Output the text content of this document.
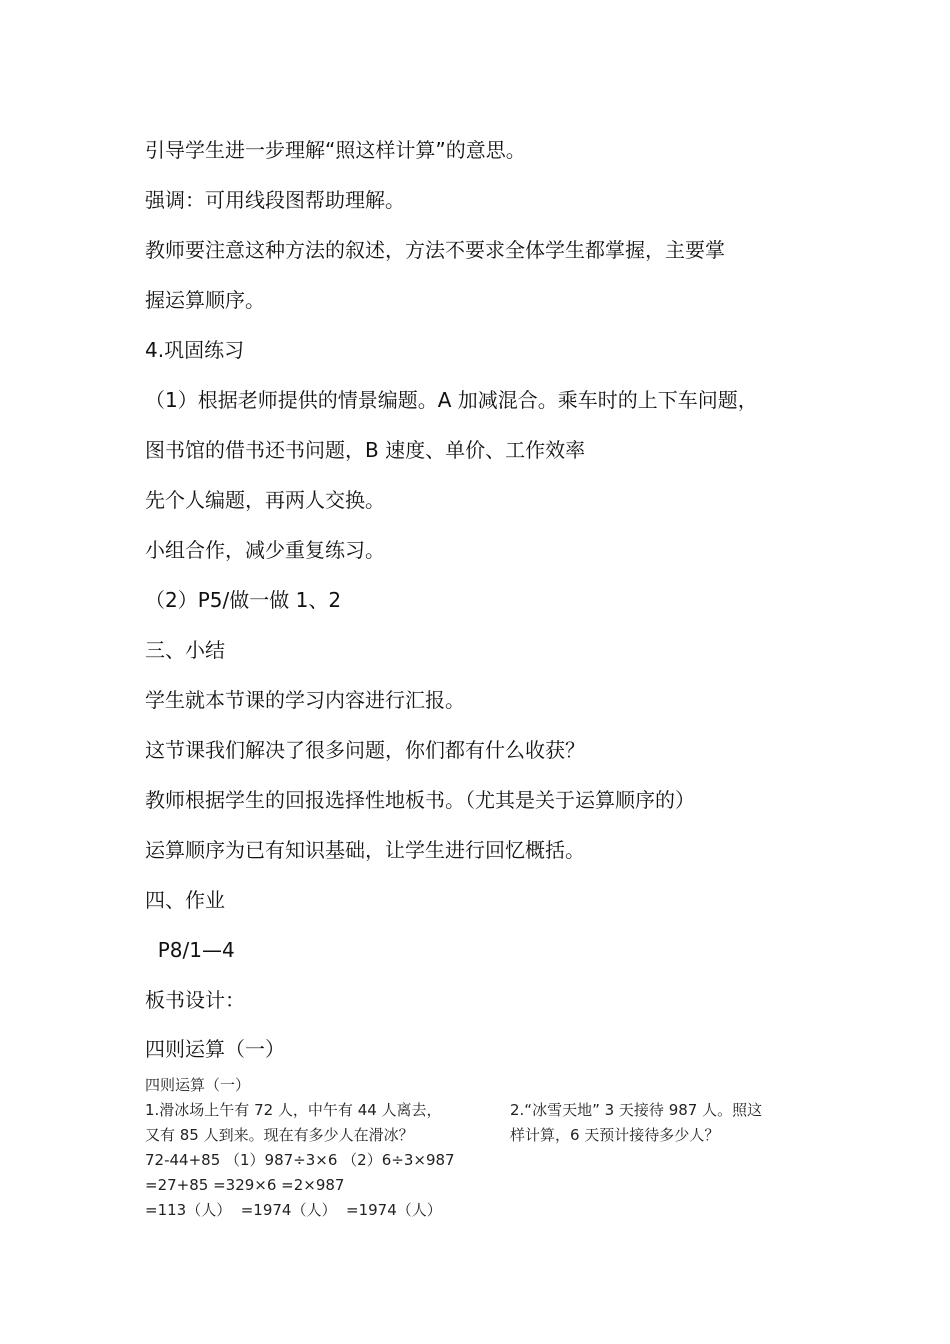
引导学生进一步理解“照这样计算”的意思。
强调：可用线段图帮助理解。
教师要注意这种方法的叙述，方法不要求全体学生都掌握，主要掌
握运算顺序。
4.巩固练习
（1）根据老师提供的情景编题。A 加减混合。乘车时的上下车问题，
图书馆的借书还书问题，B 速度、单价、工作效率
先个人编题，再两人交换。
小组合作，减少重复练习。
（2）P5/做一做 1、2
三、小结
学生就本节课的学习内容进行汇报。
这节课我们解决了很多问题，你们都有什么收获？
教师根据学生的回报选择性地板书。（尤其是关于运算顺序的）
运算顺序为已有知识基础，让学生进行回忆概括。
四、作业
P8/1—4
板书设计：
四则运算（一）
四则运算（一）
1.滑冰场上午有 72 人，中午有 44 人离去，
又有 85 人到来。现在有多少人在滑冰？
72-44+85 （1）987÷3×6 （2）6÷3×987
=27+85 =329×6 =2×987
=113（人）  =1974（人）  =1974（人）
2.“冰雪天地” 3 天接待 987 人。照这
样计算，6 天预计接待多少人？
